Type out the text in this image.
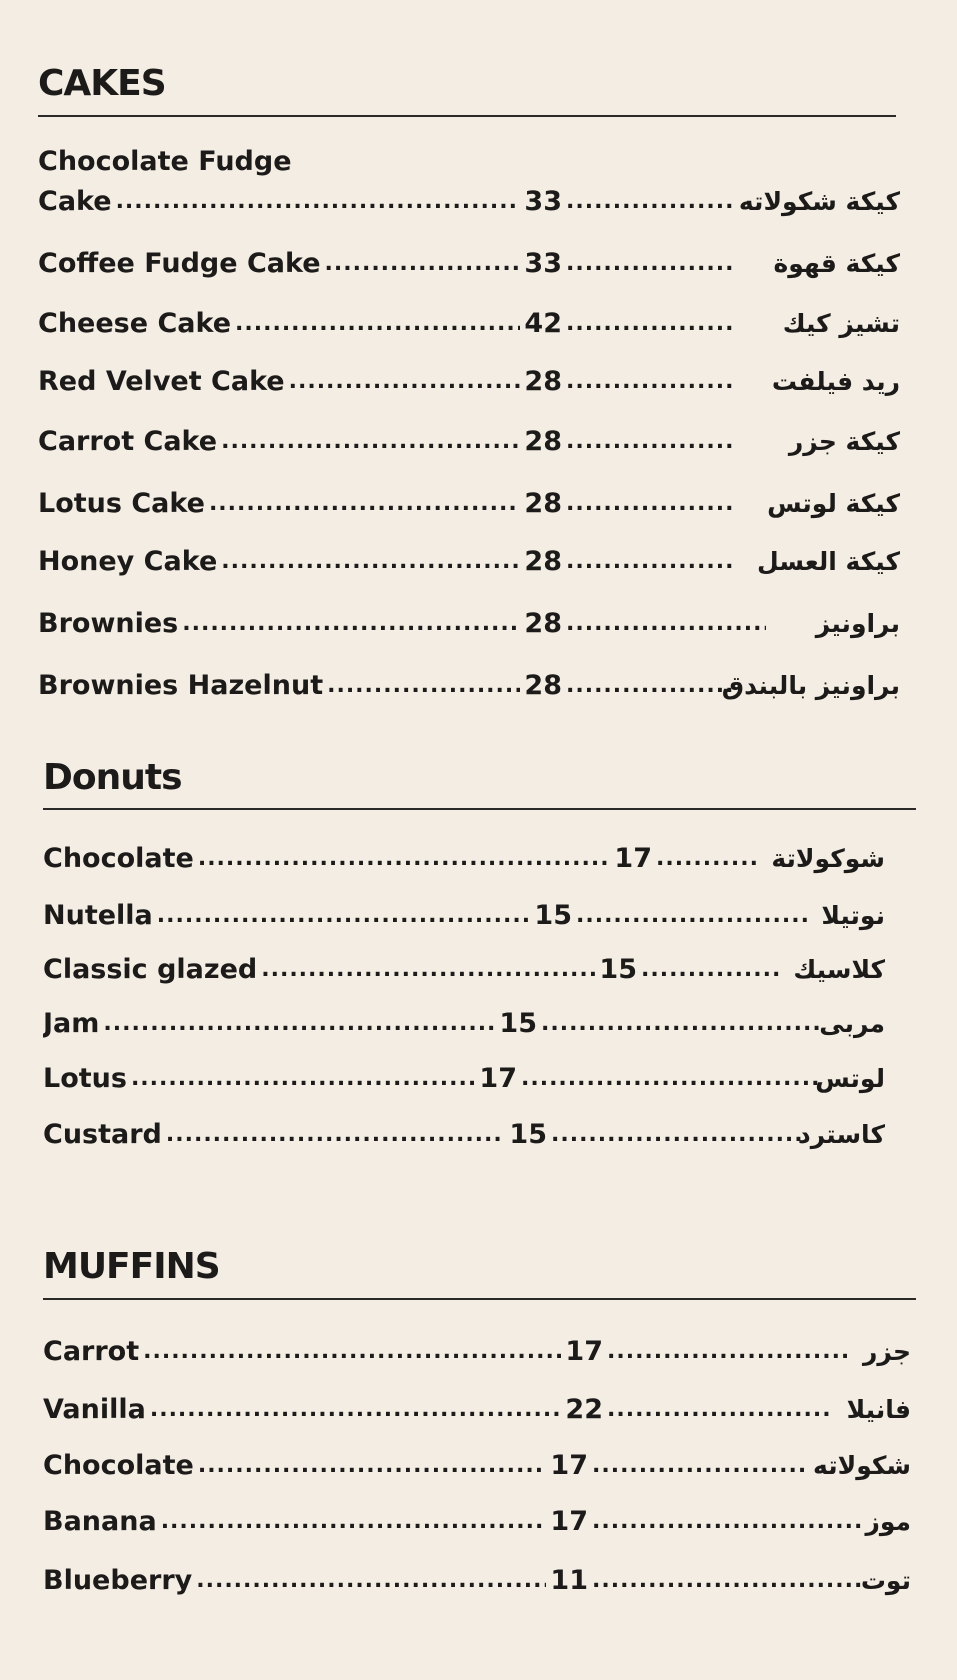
CAKES
Chocolate Fudge
Cake .....	33 .....	كيكة شكولاته
Coffee Fudge Cake .....	33 .....	كيكة قهوة
Cheese Cake .....	42 .....	تشيز كيك
Red Velvet Cake .....	28 .....	ريد فيلفت
Carrot Cake .....	28 .....	كيكة جزر
Lotus Cake .....	28 .....	كيكة لوتس
Honey Cake .....	28 .....	كيكة العسل
Brownies .....	28 .....	براونيز
Brownies Hazelnut .....	28 .....	براونيز بالبندق
Donuts
Chocolate .....	17 .....	شوكولاتة
Nutella .....	15 .....	نوتيلا
Classic glazed .....	15 .....	كلاسيك
Jam .....	15 .....	مربى
Lotus .....	17 .....	لوتس
Custard .....	15 .....	كاسترد
MUFFINS
Carrot .....	17 .....	جزر
Vanilla .....	22 .....	فانيلا
Chocolate .....	17 .....	شكولاته
Banana .....	17 .....	موز
Blueberry .....	11 .....	توت
